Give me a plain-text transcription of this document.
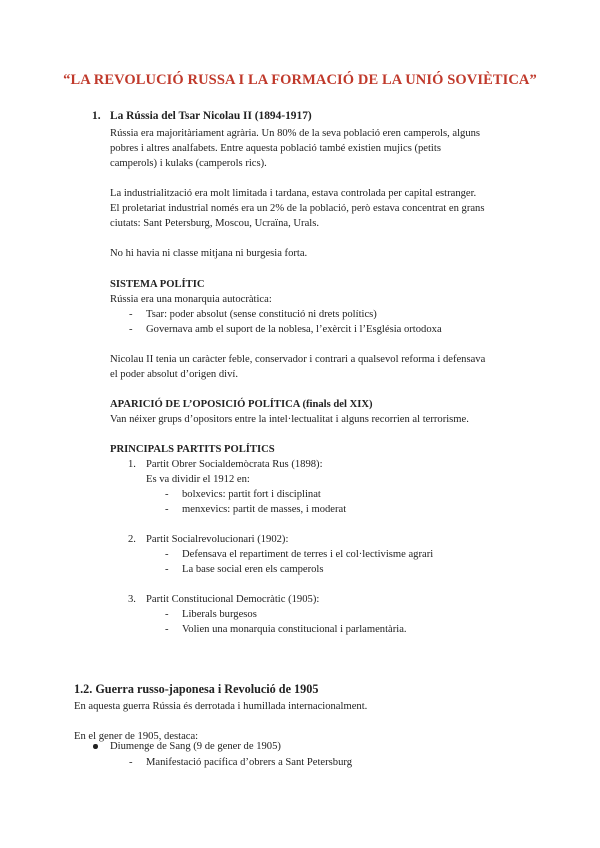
“LA REVOLUCIÓ RUSSA I LA FORMACIÓ DE LA UNIÓ SOVIÈTICA”
1. La Rússia del Tsar Nicolau II (1894-1917)
Rússia era majoritàriament agrària. Un 80% de la seva població eren camperols, alguns
pobres i altres analfabets. Entre aquesta població també existien mujics (petits
camperols) i kulaks (camperols rics).
La industrialització era molt limitada i tardana, estava controlada per capital estranger.
El proletariat industrial només era un 2% de la població, però estava concentrat en grans
ciutats: Sant Petersburg, Moscou, Ucraïna, Urals.
No hi havia ni classe mitjana ni burgesia forta.
SISTEMA POLÍTIC
Rússia era una monarquia autocràtica:
- Tsar: poder absolut (sense constitució ni drets polítics)
- Governava amb el suport de la noblesa, l’exèrcit i l’Església ortodoxa
Nicolau II tenia un caràcter feble, conservador i contrari a qualsevol reforma i defensava
el poder absolut d’origen diví.
APARICIÓ DE L’OPOSICIÓ POLÍTICA (finals del XIX)
Van néixer grups d’opositors entre la intel·lectualitat i alguns recorrien al terrorisme.
PRINCIPALS PARTITS POLÍTICS
1. Partit Obrer Socialdemòcrata Rus (1898):
Es va dividir el 1912 en:
- bolxevics: partit fort i disciplinat
- menxevics: partit de masses, i moderat
2. Partit Socialrevolucionari (1902):
- Defensava el repartiment de terres i el col·lectivisme agrari
- La base social eren els camperols
3. Partit Constitucional Democràtic (1905):
- Liberals burgesos
- Volien una monarquia constitucional i parlamentària.
1.2. Guerra russo-japonesa i Revolució de 1905
En aquesta guerra Rússia és derrotada i humillada internacionalment.
En el gener de 1905, destaca:
Diumenge de Sang (9 de gener de 1905)
- Manifestació pacífica d’obrers a Sant Petersburg
